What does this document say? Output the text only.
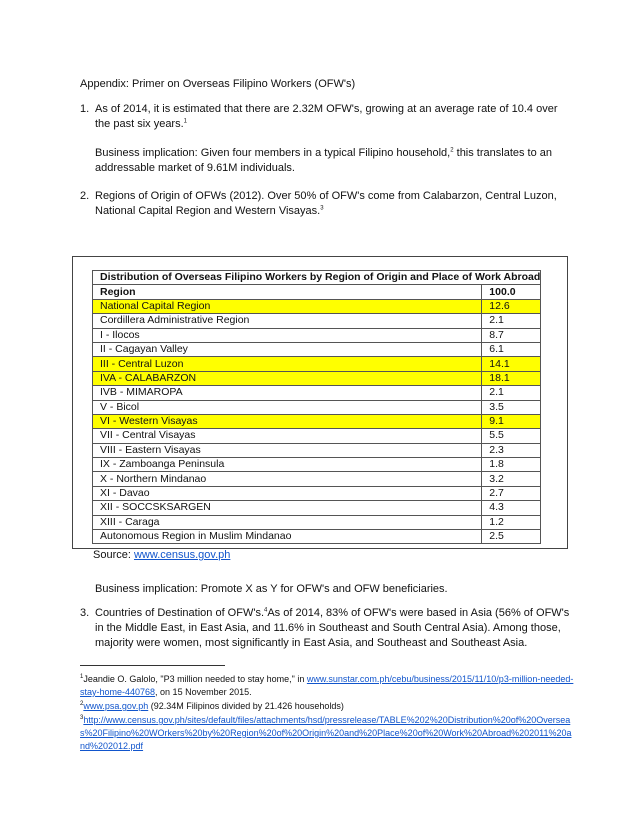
Appendix: Primer on Overseas Filipino Workers (OFW's)
1. As of 2014, it is estimated that there are 2.32M OFW's, growing at an average rate of 10.4 over the past six years.$^1$
Business implication: Given four members in a typical Filipino household,$^2$ this translates to an addressable market of 9.61M individuals.
2. Regions of Origin of OFWs (2012). Over 50% of OFW's come from Calabarzon, Central Luzon, National Capital Region and Western Visayas.$^3$
Distribution of Overseas Filipino Workers by Region of Origin and Place of Work Abroad	
Region	100.0
National Capital Region	12.6
Cordillera Administrative Region	2.1
I - Ilocos	8.7
II - Cagayan Valley	6.1
III - Central Luzon	14.1
IVA - CALABARZON	18.1
IVB - MIMAROPA	2.1
V - Bicol	3.5
VI - Western Visayas	9.1
VII - Central Visayas	5.5
VIII - Eastern Visayas	2.3
IX - Zamboanga Peninsula	1.8
X - Northern Mindanao	3.2
XI - Davao	2.7
XII - SOCCSKSARGEN	4.3
XIII - Caraga	1.2
Autonomous Region in Muslim Mindanao	2.5
Source: www.census.gov.ph
Business implication: Promote X as Y for OFW's and OFW beneficiaries.
3. Countries of Destination of OFW's.$^4$As of 2014, 83% of OFW's were based in Asia (56% of OFW's in the Middle East, in East Asia, and 11.6% in Southeast and South Central Asia). Among those, majority were women, most significantly in East Asia, and Southeast and Southeast Asia.
$^1$Jeandie O. Galolo, "P3 million needed to stay home," in www.sunstar.com.ph/cebu/business/2015/11/10/p3-million-needed-stay-home-440768, on 15 November 2015.
$^2$www.psa.gov.ph (92.34M Filipinos divided by 21.426 households)
$^3$http://www.census.gov.ph/sites/default/files/attachments/hsd/pressrelease/TABLE%202%20Distribution%20of%20Overseas%20Filipino%20WOrkers%20by%20Region%20of%20Origin%20and%20Place%20of%20Work%20Abroad%202011%20and%202012.pdf
